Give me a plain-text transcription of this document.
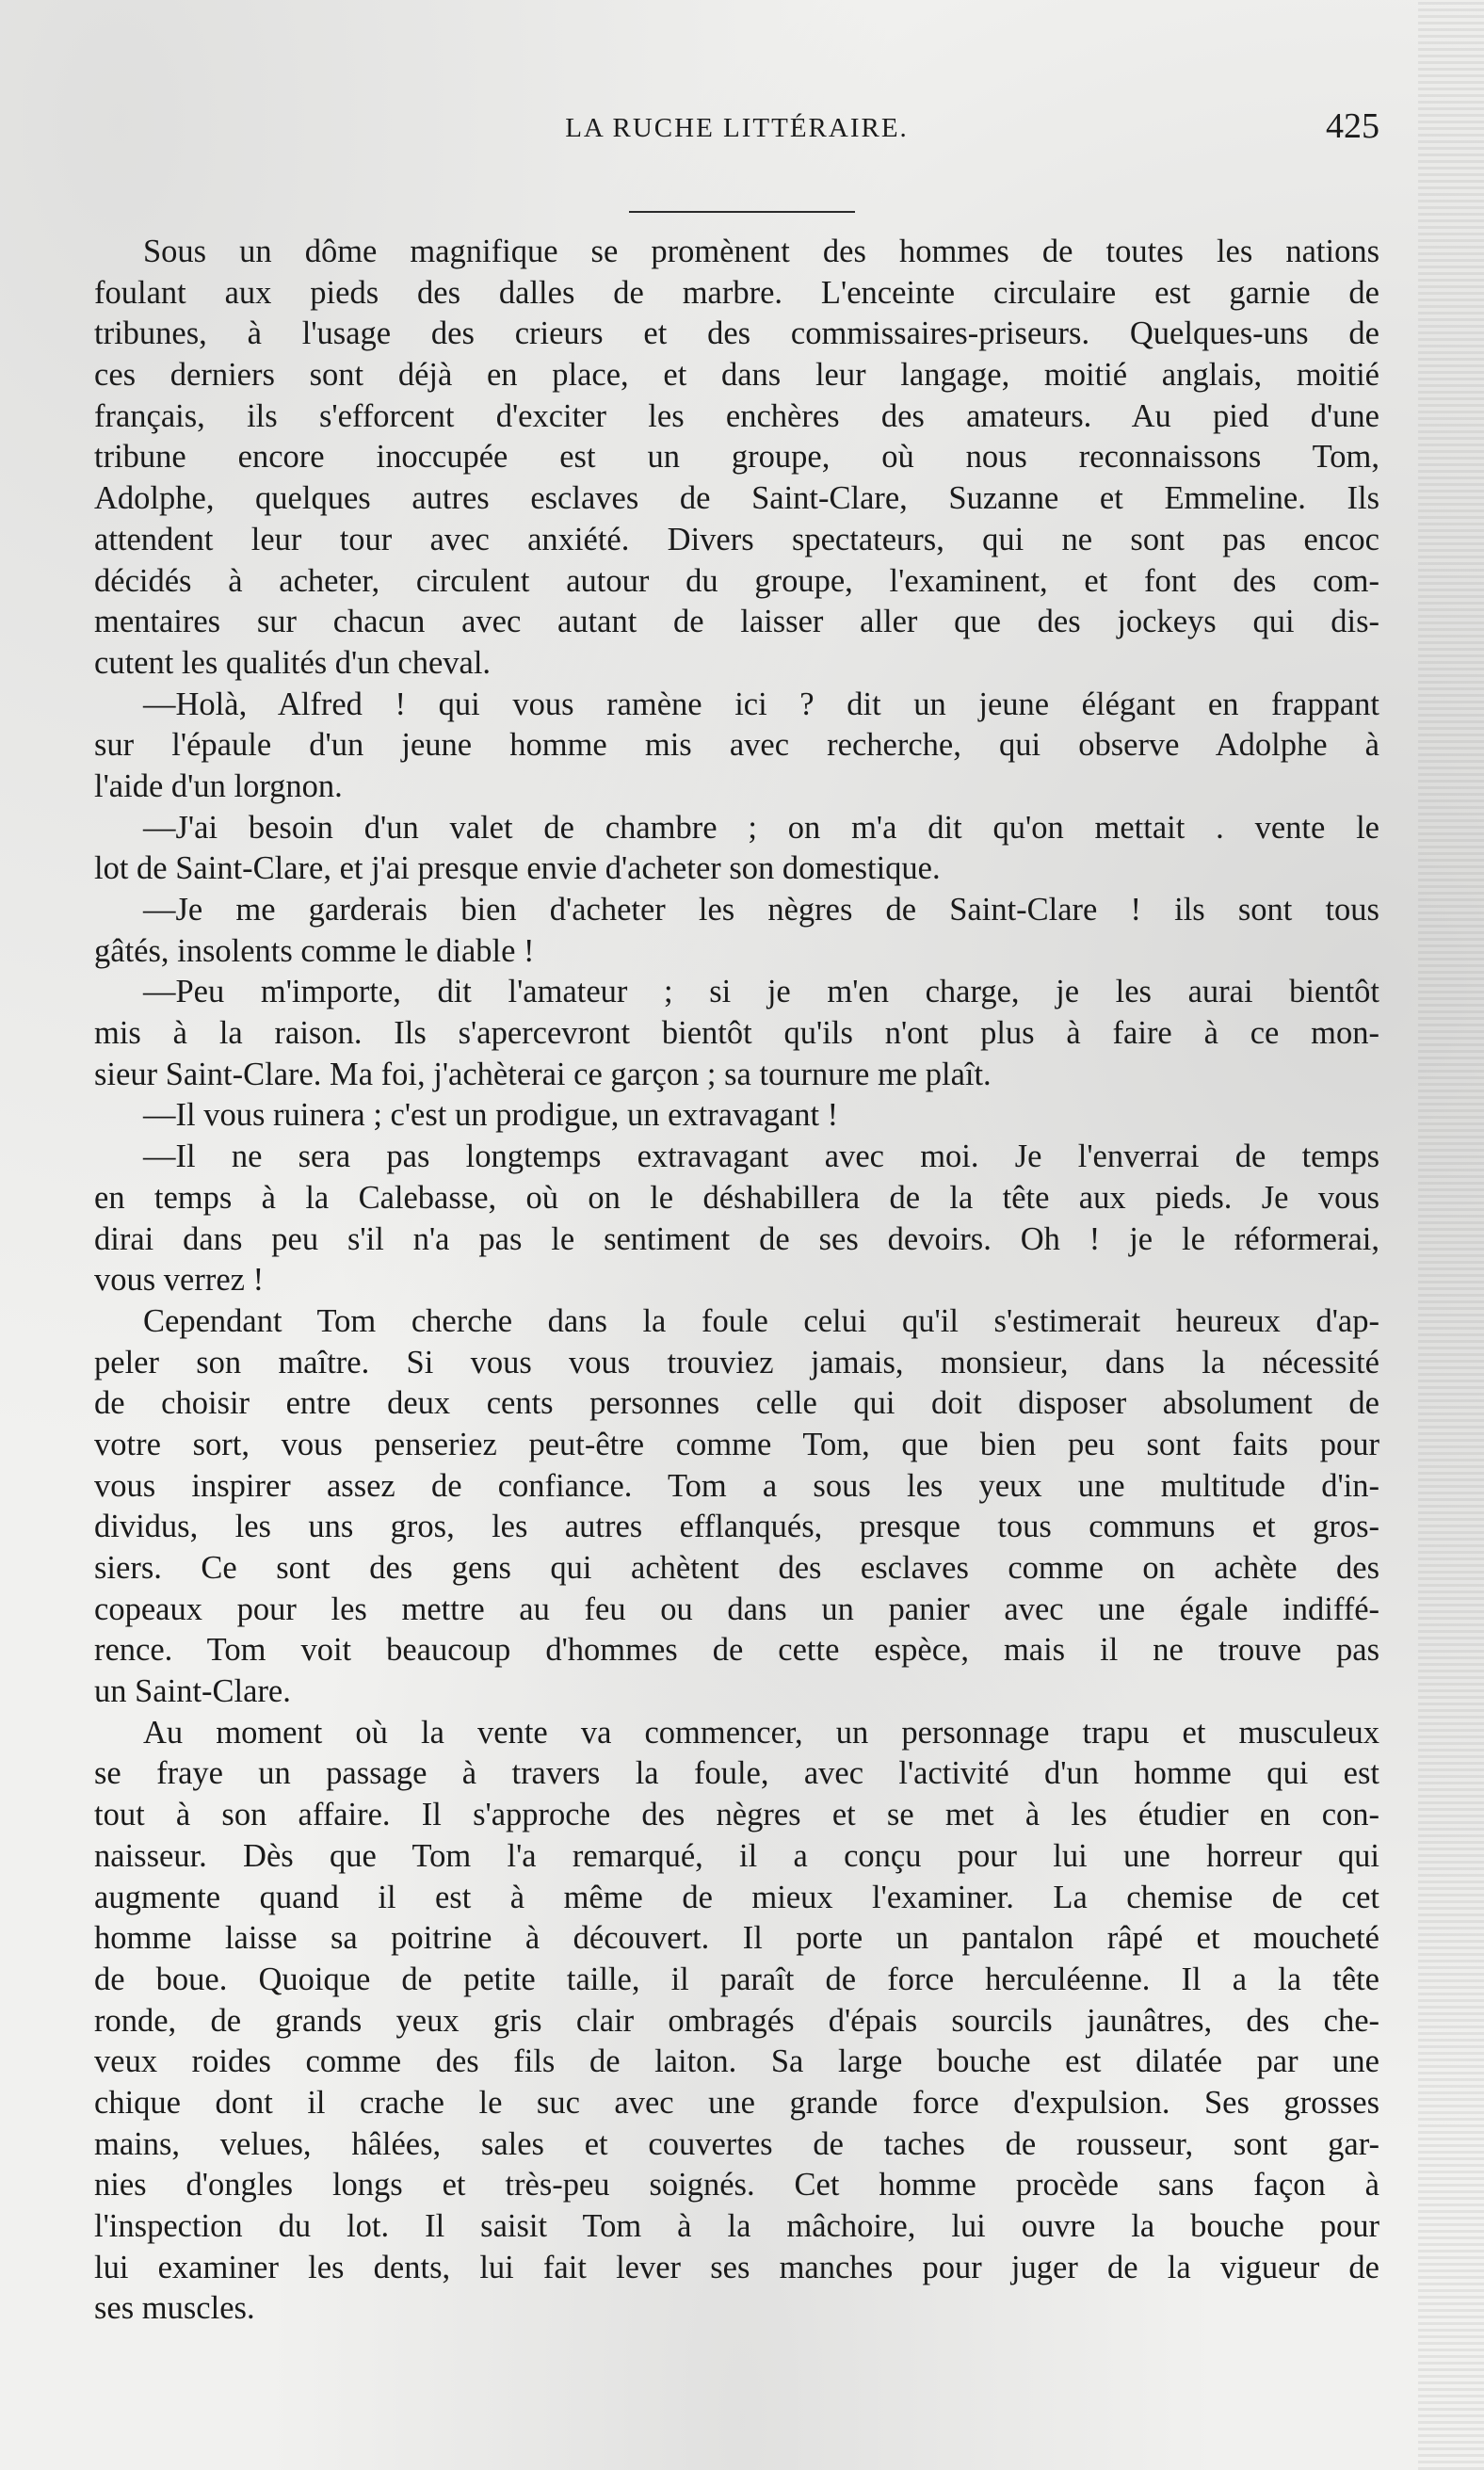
LA RUCHE LITTÉRAIRE.	425
Sous un dôme magnifique se promènent des hommes de toutes les nations
foulant aux pieds des dalles de marbre. L'enceinte circulaire est garnie de
tribunes, à l'usage des crieurs et des commissaires-priseurs. Quelques-uns de
ces derniers sont déjà en place, et dans leur langage, moitié anglais, moitié
français, ils s'efforcent d'exciter les enchères des amateurs. Au pied d'une
tribune encore inoccupée est un groupe, où nous reconnaissons Tom,
Adolphe, quelques autres esclaves de Saint-Clare, Suzanne et Emmeline. Ils
attendent leur tour avec anxiété. Divers spectateurs, qui ne sont pas encoc
décidés à acheter, circulent autour du groupe, l'examinent, et font des com-
mentaires sur chacun avec autant de laisser aller que des jockeys qui dis-
cutent les qualités d'un cheval.
—Holà, Alfred ! qui vous ramène ici ? dit un jeune élégant en frappant
sur l'épaule d'un jeune homme mis avec recherche, qui observe Adolphe à
l'aide d'un lorgnon.
—J'ai besoin d'un valet de chambre ; on m'a dit qu'on mettait . vente le
lot de Saint-Clare, et j'ai presque envie d'acheter son domestique.
—Je me garderais bien d'acheter les nègres de Saint-Clare ! ils sont tous
gâtés, insolents comme le diable !
—Peu m'importe, dit l'amateur ; si je m'en charge, je les aurai bientôt
mis à la raison. Ils s'apercevront bientôt qu'ils n'ont plus à faire à ce mon-
sieur Saint-Clare. Ma foi, j'achèterai ce garçon ; sa tournure me plaît.
—Il vous ruinera ; c'est un prodigue, un extravagant !
—Il ne sera pas longtemps extravagant avec moi. Je l'enverrai de temps
en temps à la Calebasse, où on le déshabillera de la tête aux pieds. Je vous
dirai dans peu s'il n'a pas le sentiment de ses devoirs. Oh ! je le réformerai,
vous verrez !
Cependant Tom cherche dans la foule celui qu'il s'estimerait heureux d'ap-
peler son maître. Si vous vous trouviez jamais, monsieur, dans la nécessité
de choisir entre deux cents personnes celle qui doit disposer absolument de
votre sort, vous penseriez peut-être comme Tom, que bien peu sont faits pour
vous inspirer assez de confiance. Tom a sous les yeux une multitude d'in-
dividus, les uns gros, les autres efflanqués, presque tous communs et gros-
siers. Ce sont des gens qui achètent des esclaves comme on achète des
copeaux pour les mettre au feu ou dans un panier avec une égale indiffé-
rence. Tom voit beaucoup d'hommes de cette espèce, mais il ne trouve pas
un Saint-Clare.
Au moment où la vente va commencer, un personnage trapu et musculeux
se fraye un passage à travers la foule, avec l'activité d'un homme qui est
tout à son affaire. Il s'approche des nègres et se met à les étudier en con-
naisseur. Dès que Tom l'a remarqué, il a conçu pour lui une horreur qui
augmente quand il est à même de mieux l'examiner. La chemise de cet
homme laisse sa poitrine à découvert. Il porte un pantalon râpé et moucheté
de boue. Quoique de petite taille, il paraît de force herculéenne. Il a la tête
ronde, de grands yeux gris clair ombragés d'épais sourcils jaunâtres, des che-
veux roides comme des fils de laiton. Sa large bouche est dilatée par une
chique dont il crache le suc avec une grande force d'expulsion. Ses grosses
mains, velues, hâlées, sales et couvertes de taches de rousseur, sont gar-
nies d'ongles longs et très-peu soignés. Cet homme procède sans façon à
l'inspection du lot. Il saisit Tom à la mâchoire, lui ouvre la bouche pour
lui examiner les dents, lui fait lever ses manches pour juger de la vigueur de
ses muscles.
